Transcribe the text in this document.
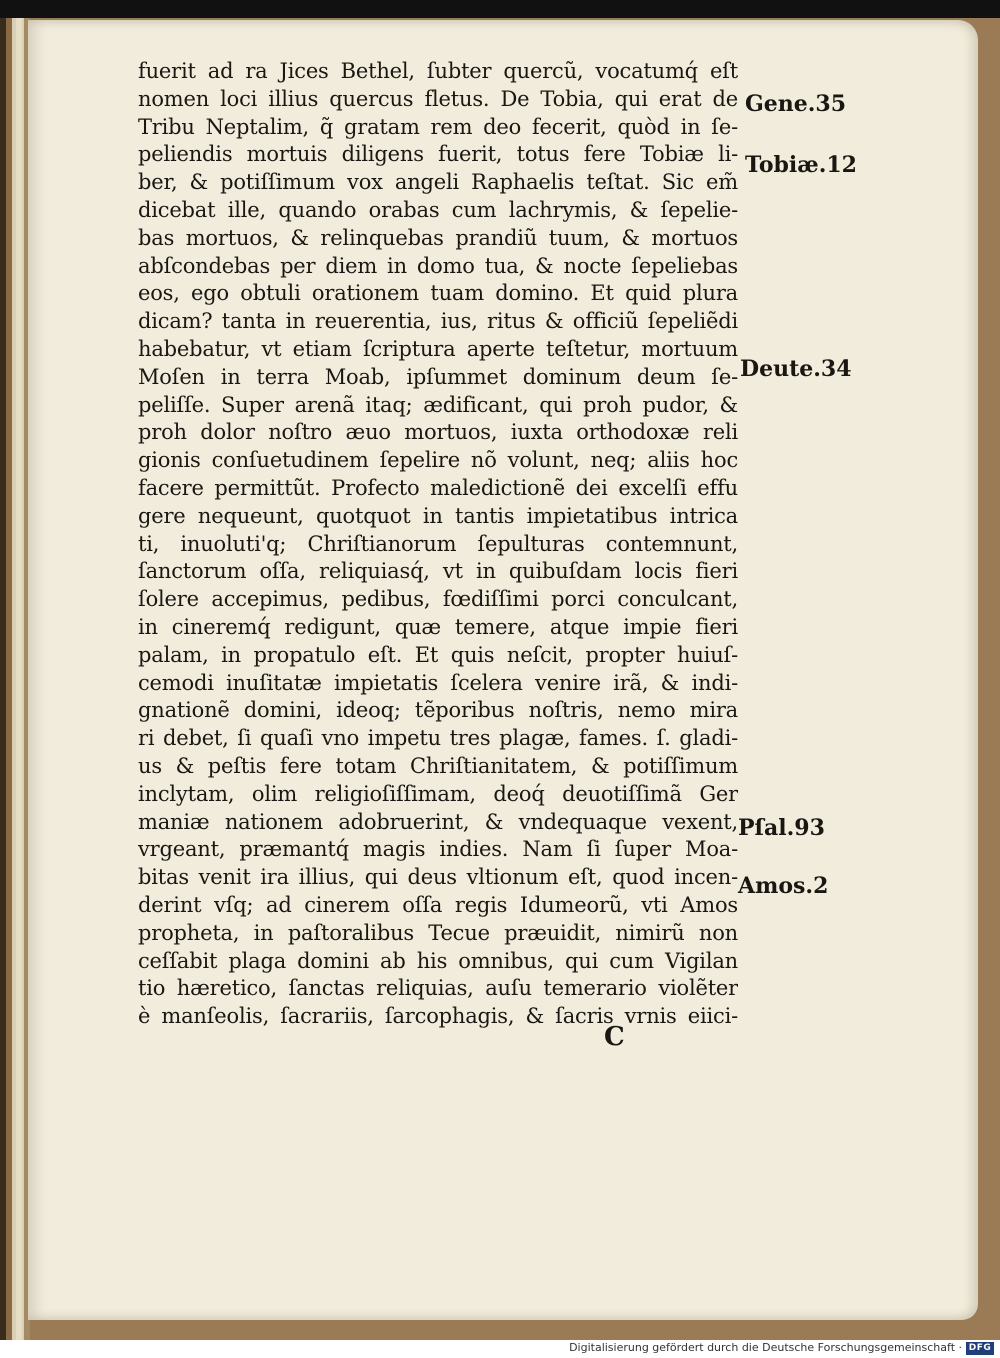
fuerit ad ra Jices Bethel, ſubter quercũ, vocatumq́ eſt
nomen loci illius quercus fletus. De Tobia, qui erat de
Tribu Neptalim, q̃ gratam rem deo fecerit, quòd in ſe-
peliendis mortuis diligens fuerit, totus fere Tobiæ li-
ber, & potiſſimum vox angeli Raphaelis teſtat. Sic em̃
dicebat ille, quando orabas cum lachrymis, & ſepelie-
bas mortuos, & relinquebas prandiũ tuum, & mortuos
abſcondebas per diem in domo tua, & nocte ſepeliebas
eos, ego obtuli orationem tuam domino. Et quid plura
dicam? tanta in reuerentia, ius, ritus & officiũ ſepeliẽdi
habebatur, vt etiam ſcriptura aperte teſtetur, mortuum
Moſen in terra Moab, ipſummet dominum deum ſe-
peliſſe. Super arenã itaq; ædificant, qui proh pudor, &
proh dolor noſtro æuo mortuos, iuxta orthodoxæ reli
gionis conſuetudinem ſepelire nõ volunt, neq; aliis hoc
facere permittũt. Profecto maledictionẽ dei excelſi effu
gere nequeunt, quotquot in tantis impietatibus intrica
ti, inuoluti'q; Chriſtianorum ſepulturas contemnunt,
ſanctorum oſſa, reliquiasq́, vt in quibuſdam locis fieri
ſolere accepimus, pedibus, fœdiſſimi porci conculcant,
in cineremq́ redigunt, quæ temere, atque impie fieri
palam, in propatulo eſt. Et quis neſcit, propter huiuſ-
cemodi inuſitatæ impietatis ſcelera venire irã, & indi-
gnationẽ domini, ideoq; tẽporibus noſtris, nemo mira
ri debet, ſi quaſi vno impetu tres plagæ, fames. ſ. gladi-
us & peſtis fere totam Chriſtianitatem, & potiſſimum
inclytam, olim religioſiſſimam, deoq́ deuotiſſimã Ger
maniæ nationem adobruerint, & vndequaque vexent,
vrgeant, præmantq́ magis indies. Nam ſi ſuper Moa-
bitas venit ira illius, qui deus vltionum eſt, quod incen-
derint vſq; ad cinerem oſſa regis Idumeorũ, vti Amos
propheta, in paſtoralibus Tecue præuidit, nimirũ non
ceſſabit plaga domini ab his omnibus, qui cum Vigilan
tio hæretico, ſanctas reliquias, auſu temerario violẽter
è manſeolis, ſacrariis, ſarcophagis, & ſacris vrnis eiici-
Gene.35
Tobiæ.12
Deute.34
Pſal.93
Amos.2
C
Digitalisierung gefördert durch die Deutsche Forschungsgemeinschaft · DFG
